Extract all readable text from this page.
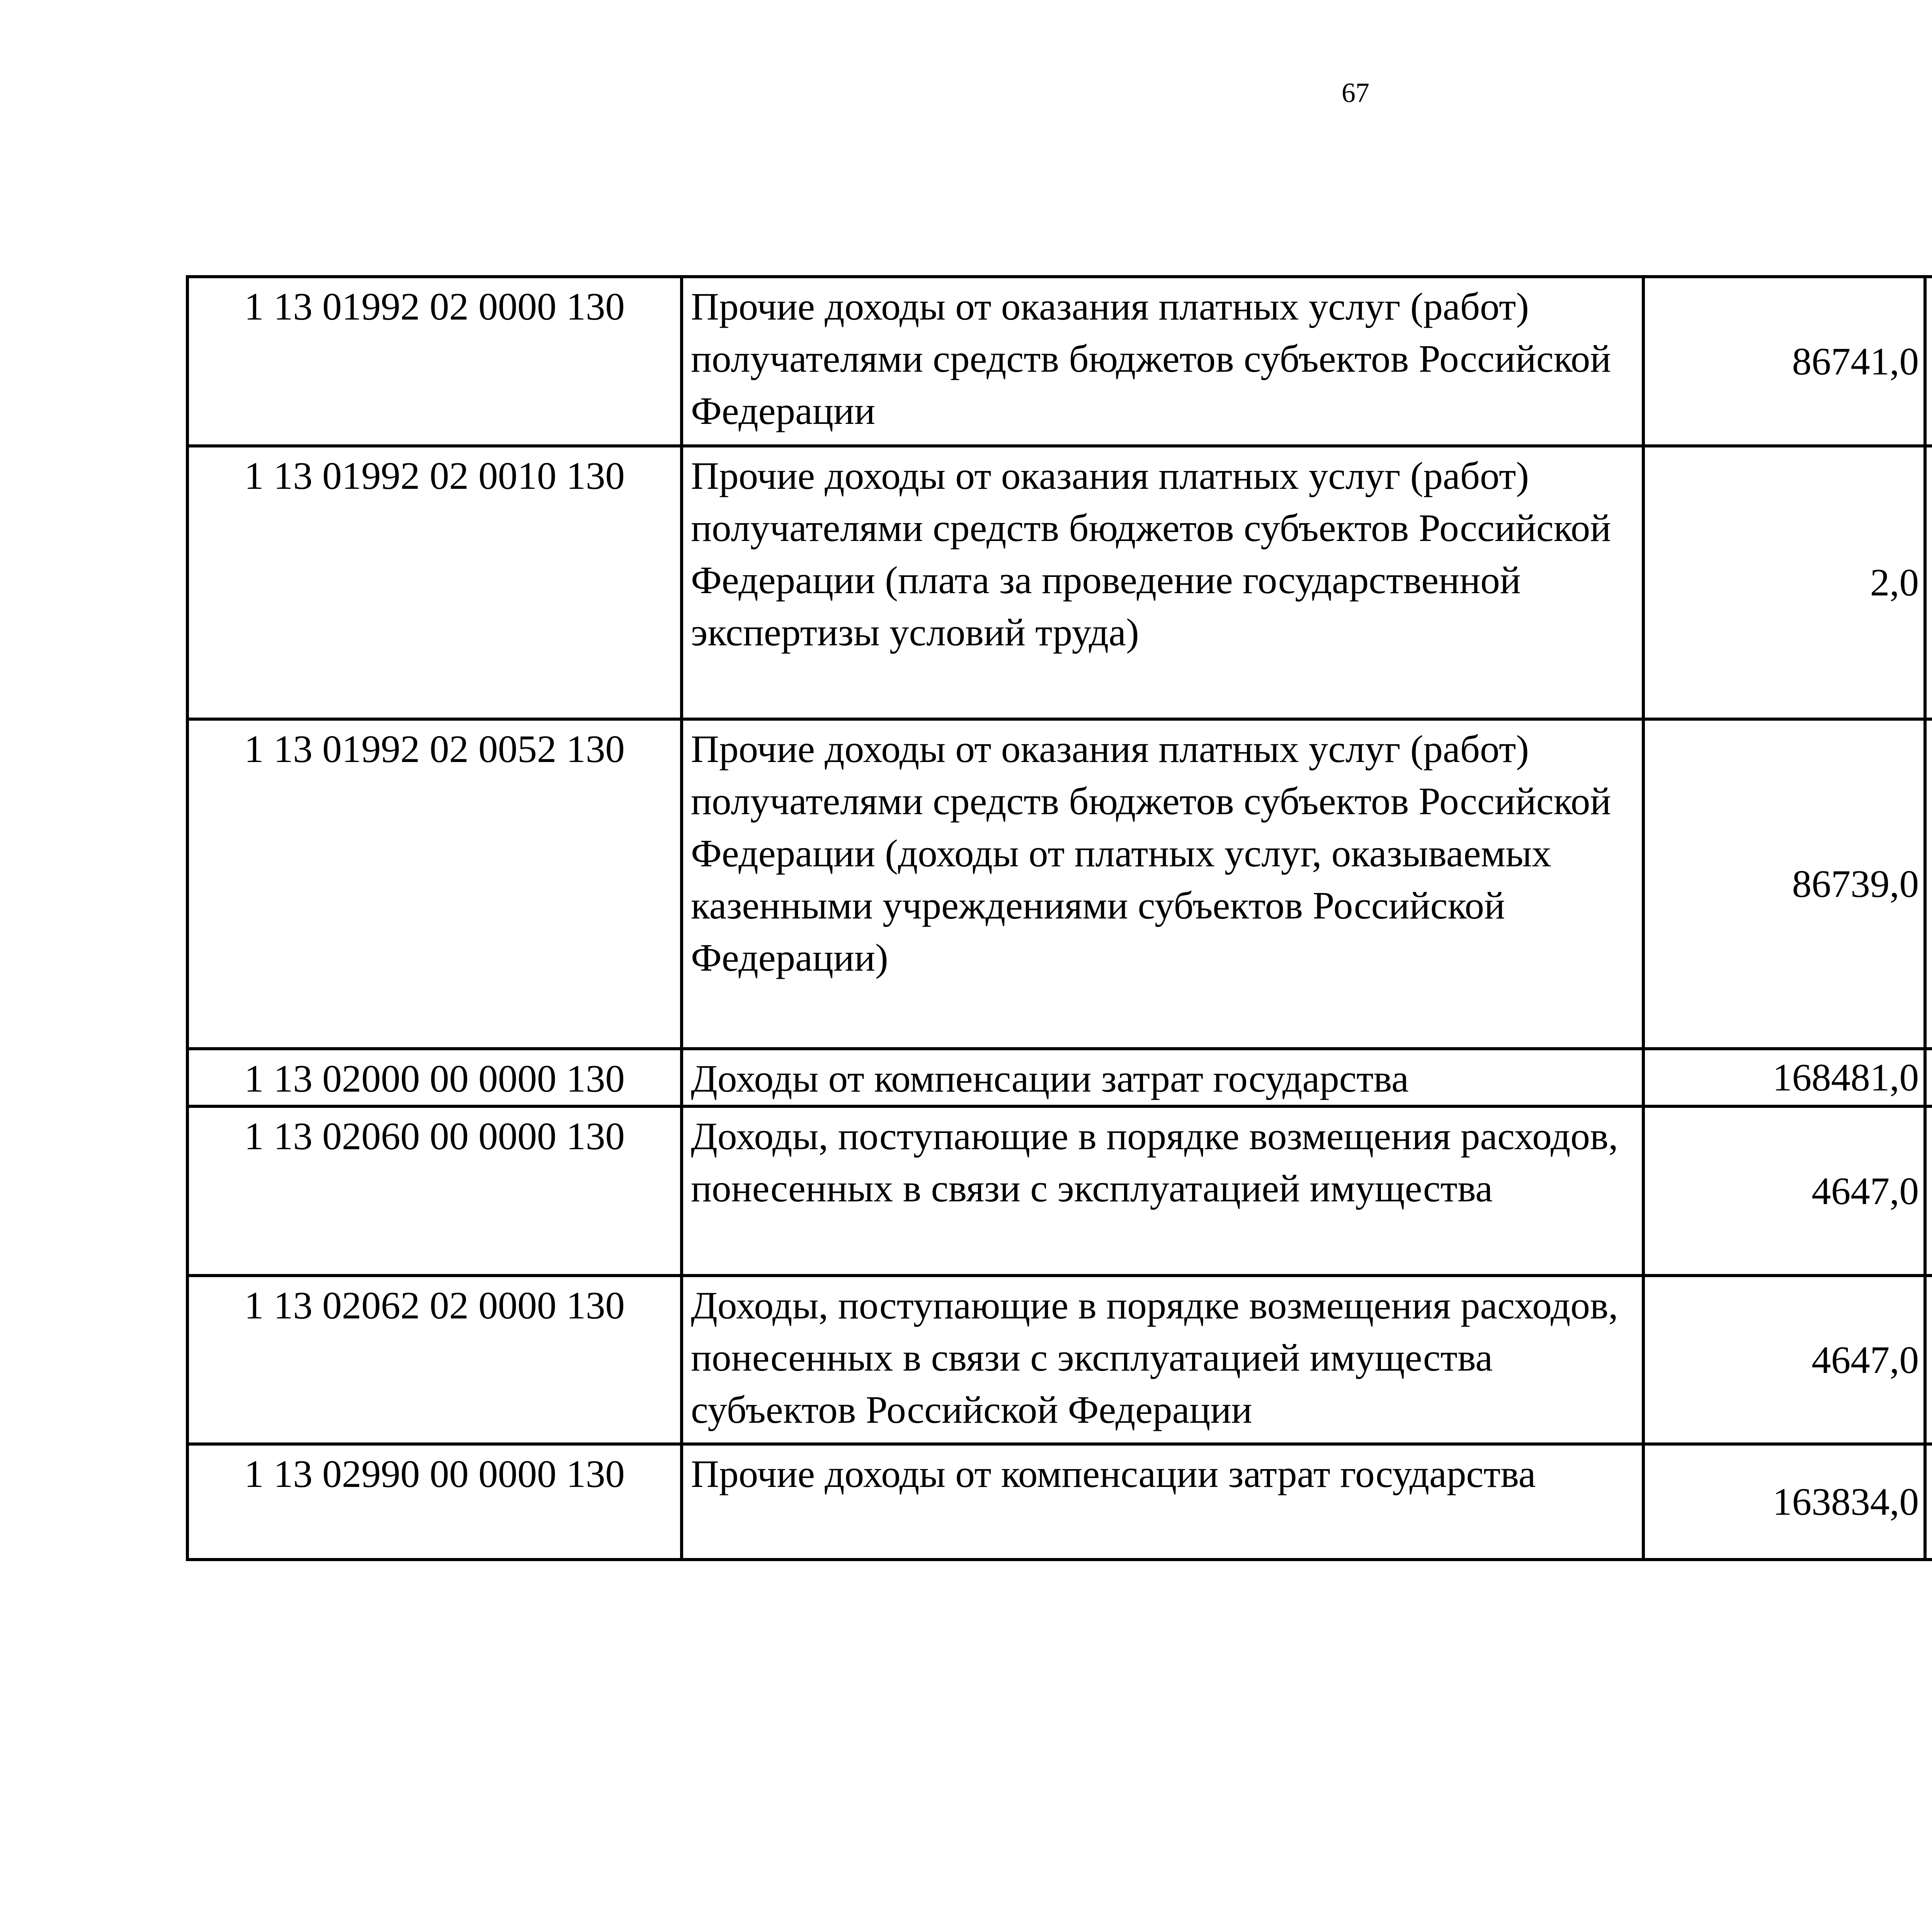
67
1 13 01992 02 0000 130	Прочие доходы от оказания платных услуг (работ) получателями средств бюджетов субъектов Российской Федерации	86741,0		
1 13 01992 02 0010 130	Прочие доходы от оказания платных услуг (работ) получателями средств бюджетов субъектов Российской Федерации (плата за проведение государственной экспертизы условий труда)	2,0		
1 13 01992 02 0052 130	Прочие доходы от оказания платных услуг (работ) получателями средств бюджетов субъектов Российской Федерации (доходы от платных услуг, оказываемых казенными учреждениями субъектов Российской Федерации)	86739,0		
1 13 02000 00 0000 130	Доходы от компенсации затрат государства	168481,0		
1 13 02060 00 0000 130	Доходы, поступающие в порядке возмещения расходов, понесенных в связи с эксплуатацией имущества	4647,0		
1 13 02062 02 0000 130	Доходы, поступающие в порядке возмещения расходов, понесенных в связи с эксплуатацией имущества субъектов Российской Федерации	4647,0		
1 13 02990 00 0000 130	Прочие доходы от компенсации затрат государства	163834,0		
